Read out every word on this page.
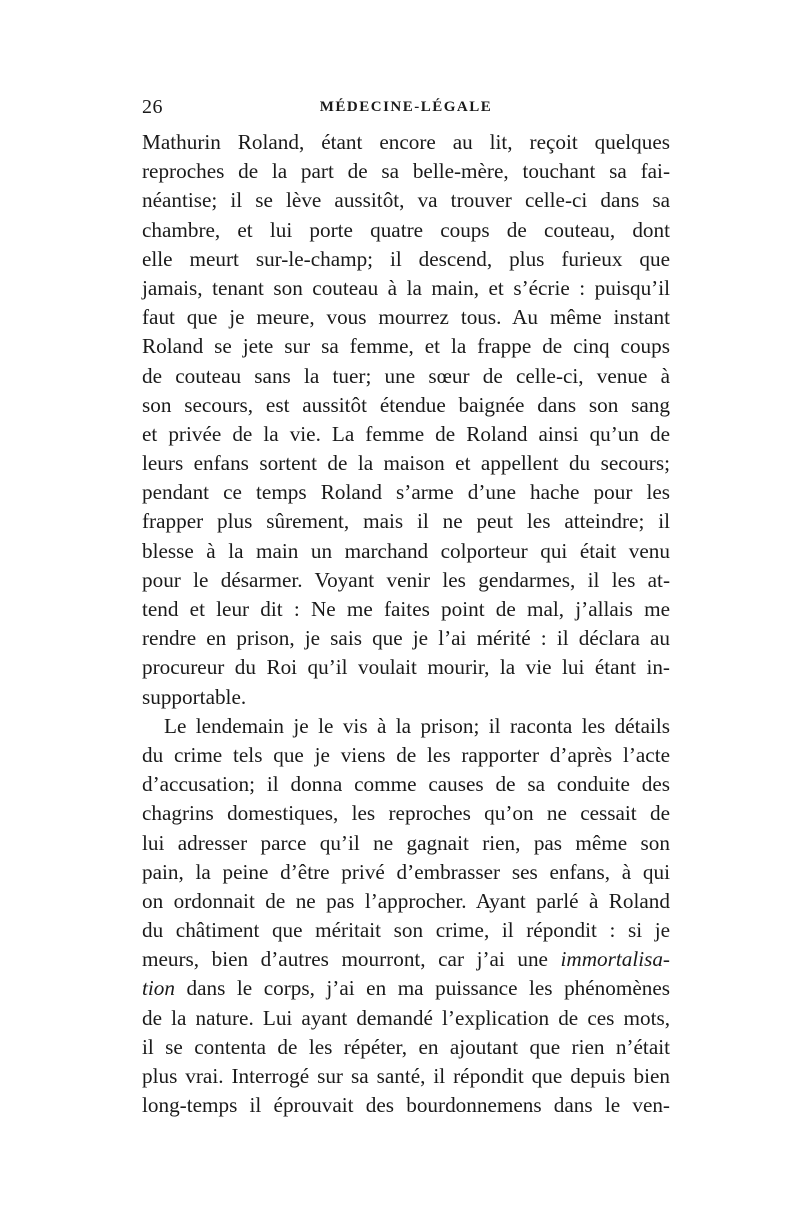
26	MÉDECINE-LÉGALE
Mathurin Roland, étant encore au lit, reçoit quelques
reproches de la part de sa belle-mère, touchant sa fai-
néantise; il se lève aussitôt, va trouver celle-ci dans sa
chambre, et lui porte quatre coups de couteau, dont
elle meurt sur-le-champ; il descend, plus furieux que
jamais, tenant son couteau à la main, et s’écrie : puisqu’il
faut que je meure, vous mourrez tous. Au même instant
Roland se jete sur sa femme, et la frappe de cinq coups
de couteau sans la tuer; une sœur de celle-ci, venue à
son secours, est aussitôt étendue baignée dans son sang
et privée de la vie. La femme de Roland ainsi qu’un de
leurs enfans sortent de la maison et appellent du secours;
pendant ce temps Roland s’arme d’une hache pour les
frapper plus sûrement, mais il ne peut les atteindre; il
blesse à la main un marchand colporteur qui était venu
pour le désarmer. Voyant venir les gendarmes, il les at-
tend et leur dit : Ne me faites point de mal, j’allais me
rendre en prison, je sais que je l’ai mérité : il déclara au
procureur du Roi qu’il voulait mourir, la vie lui étant in-
supportable.
Le lendemain je le vis à la prison; il raconta les détails
du crime tels que je viens de les rapporter d’après l’acte
d’accusation; il donna comme causes de sa conduite des
chagrins domestiques, les reproches qu’on ne cessait de
lui adresser parce qu’il ne gagnait rien, pas même son
pain, la peine d’être privé d’embrasser ses enfans, à qui
on ordonnait de ne pas l’approcher. Ayant parlé à Roland
du châtiment que méritait son crime, il répondit : si je
meurs, bien d’autres mourront, car j’ai une immortalisa-
tion dans le corps, j’ai en ma puissance les phénomènes
de la nature. Lui ayant demandé l’explication de ces mots,
il se contenta de les répéter, en ajoutant que rien n’était
plus vrai. Interrogé sur sa santé, il répondit que depuis bien
long-temps il éprouvait des bourdonnemens dans le ven-
